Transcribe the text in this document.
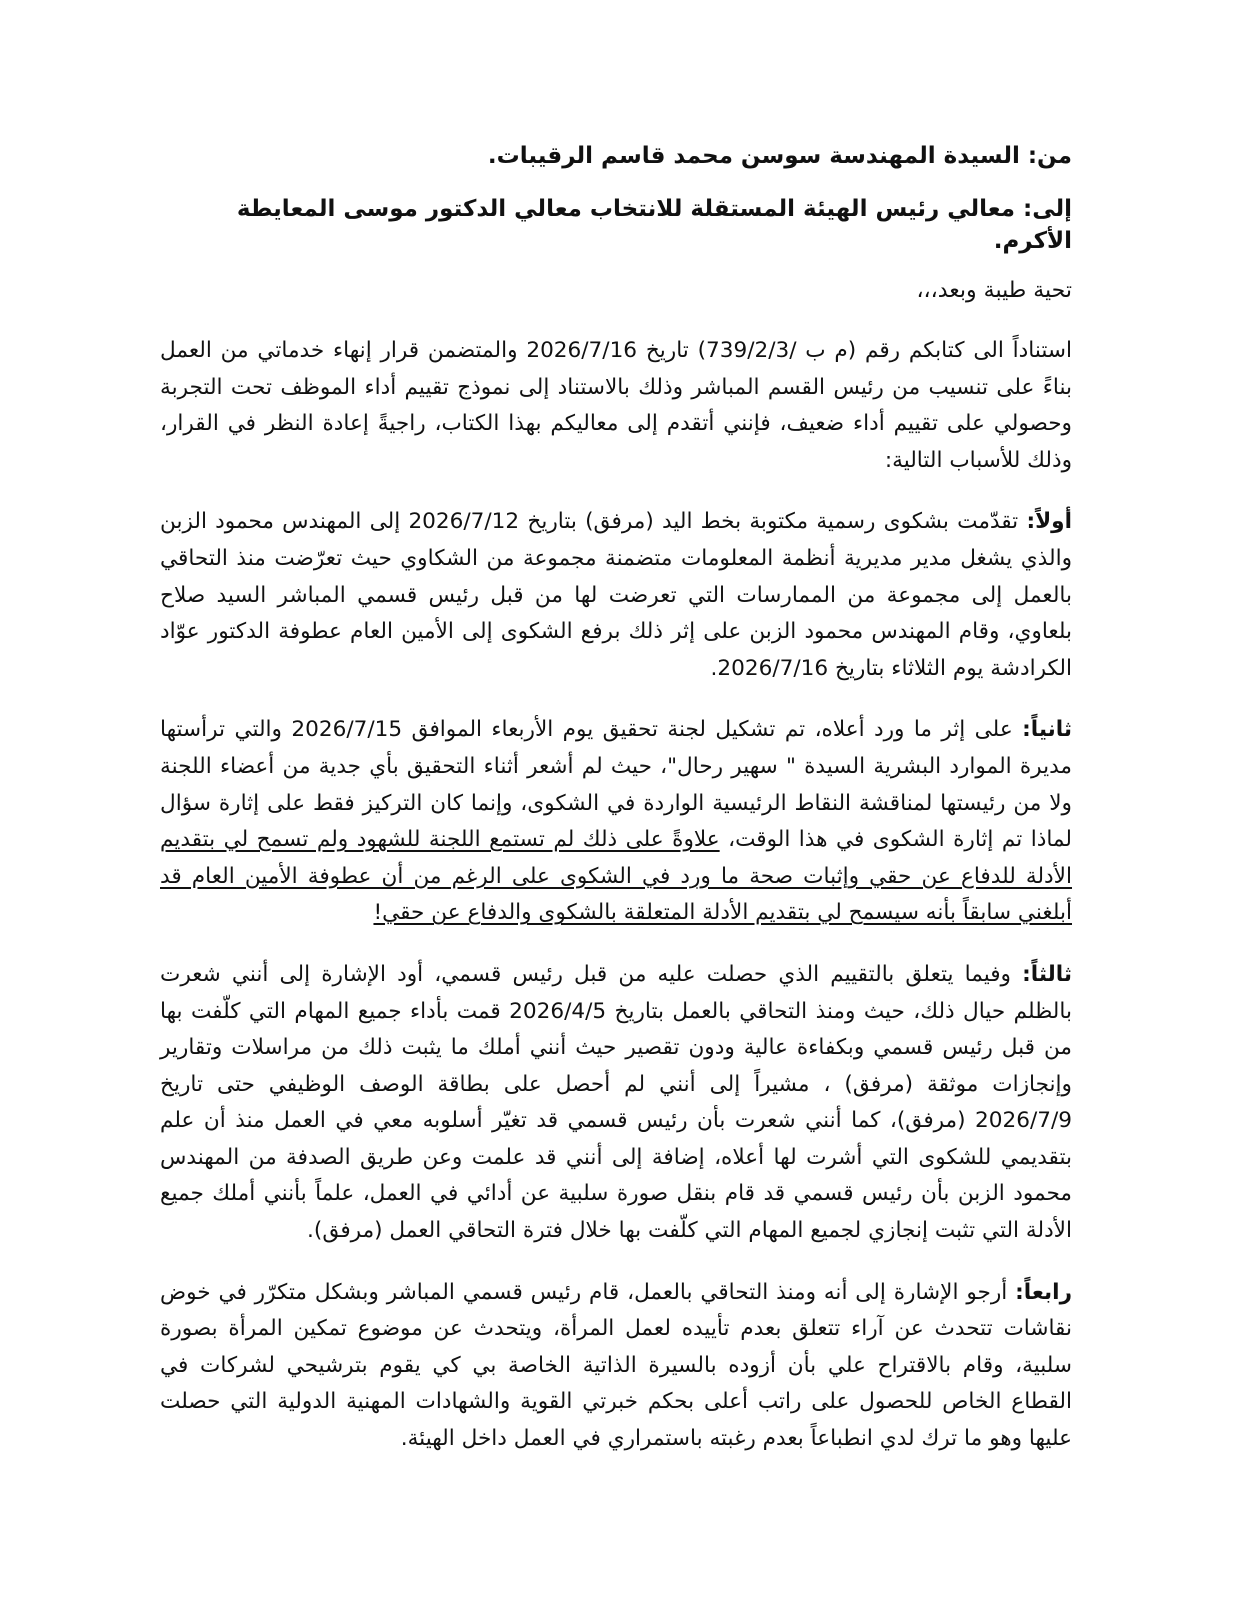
من: السيدة المهندسة سوسن محمد قاسم الرقيبات.

إلى: معالي رئيس الهيئة المستقلة للانتخاب معالي الدكتور موسى المعايطة الأكرم.

تحية طيبة وبعد،،،

استناداً الى كتابكم رقم (م ب /739/2/3) تاريخ 2026/7/16 والمتضمن قرار إنهاء خدماتي من العمل بناءً على تنسيب من رئيس القسم المباشر وذلك بالاستناد إلى نموذج تقييم أداء الموظف تحت التجربة وحصولي على تقييم أداء ضعيف، فإنني أتقدم إلى معاليكم بهذا الكتاب، راجيةً إعادة النظر في القرار، وذلك للأسباب التالية:

أولاً: تقدّمت بشكوى رسمية مكتوبة بخط اليد (مرفق) بتاريخ 2026/7/12 إلى المهندس محمود الزبن والذي يشغل مدير مديرية أنظمة المعلومات متضمنة مجموعة من الشكاوي حيث تعرّضت منذ التحاقي بالعمل إلى مجموعة من الممارسات التي تعرضت لها من قبل رئيس قسمي المباشر السيد صلاح بلعاوي، وقام المهندس محمود الزبن على إثر ذلك برفع الشكوى إلى الأمين العام عطوفة الدكتور عوّاد الكرادشة يوم الثلاثاء بتاريخ 2026/7/16.

ثانياً: على إثر ما ورد أعلاه، تم تشكيل لجنة تحقيق يوم الأربعاء الموافق 2026/7/15 والتي ترأستها مديرة الموارد البشرية السيدة " سهير رحال"، حيث لم أشعر أثناء التحقيق بأي جدية من أعضاء اللجنة ولا من رئيستها لمناقشة النقاط الرئيسية الواردة في الشكوى، وإنما كان التركيز فقط على إثارة سؤال لماذا تم إثارة الشكوى في هذا الوقت، علاوةً على ذلك لم تستمع اللجنة للشهود ولم تسمح لي بتقديم الأدلة للدفاع عن حقي وإثبات صحة ما ورد في الشكوى على الرغم من أن عطوفة الأمين العام قد أبلغني سابقاً بأنه سيسمح لي بتقديم الأدلة المتعلقة بالشكوى والدفاع عن حقي!

ثالثاً: وفيما يتعلق بالتقييم الذي حصلت عليه من قبل رئيس قسمي، أود الإشارة إلى أنني شعرت بالظلم حيال ذلك، حيث ومنذ التحاقي بالعمل بتاريخ 2026/4/5 قمت بأداء جميع المهام التي كلّفت بها من قبل رئيس قسمي وبكفاءة عالية ودون تقصير حيث أنني أملك ما يثبت ذلك من مراسلات وتقارير وإنجازات موثقة (مرفق) ، مشيراً إلى أنني لم أحصل على بطاقة الوصف الوظيفي حتى تاريخ 2026/7/9 (مرفق)، كما أنني شعرت بأن رئيس قسمي قد تغيّر أسلوبه معي في العمل منذ أن علم بتقديمي للشكوى التي أشرت لها أعلاه، إضافة إلى أنني قد علمت وعن طريق الصدفة من المهندس محمود الزبن بأن رئيس قسمي قد قام بنقل صورة سلبية عن أدائي في العمل، علماً بأنني أملك جميع الأدلة التي تثبت إنجازي لجميع المهام التي كلّفت بها خلال فترة التحاقي العمل (مرفق).

رابعاً: أرجو الإشارة إلى أنه ومنذ التحاقي بالعمل، قام رئيس قسمي المباشر وبشكل متكرّر في خوض نقاشات تتحدث عن آراء تتعلق بعدم تأييده لعمل المرأة، ويتحدث عن موضوع تمكين المرأة بصورة سلبية، وقام بالاقتراح علي بأن أزوده بالسيرة الذاتية الخاصة بي كي يقوم بترشيحي لشركات في القطاع الخاص للحصول على راتب أعلى بحكم خبرتي القوية والشهادات المهنية الدولية التي حصلت عليها وهو ما ترك لدي انطباعاً بعدم رغبته باستمراري في العمل داخل الهيئة.
